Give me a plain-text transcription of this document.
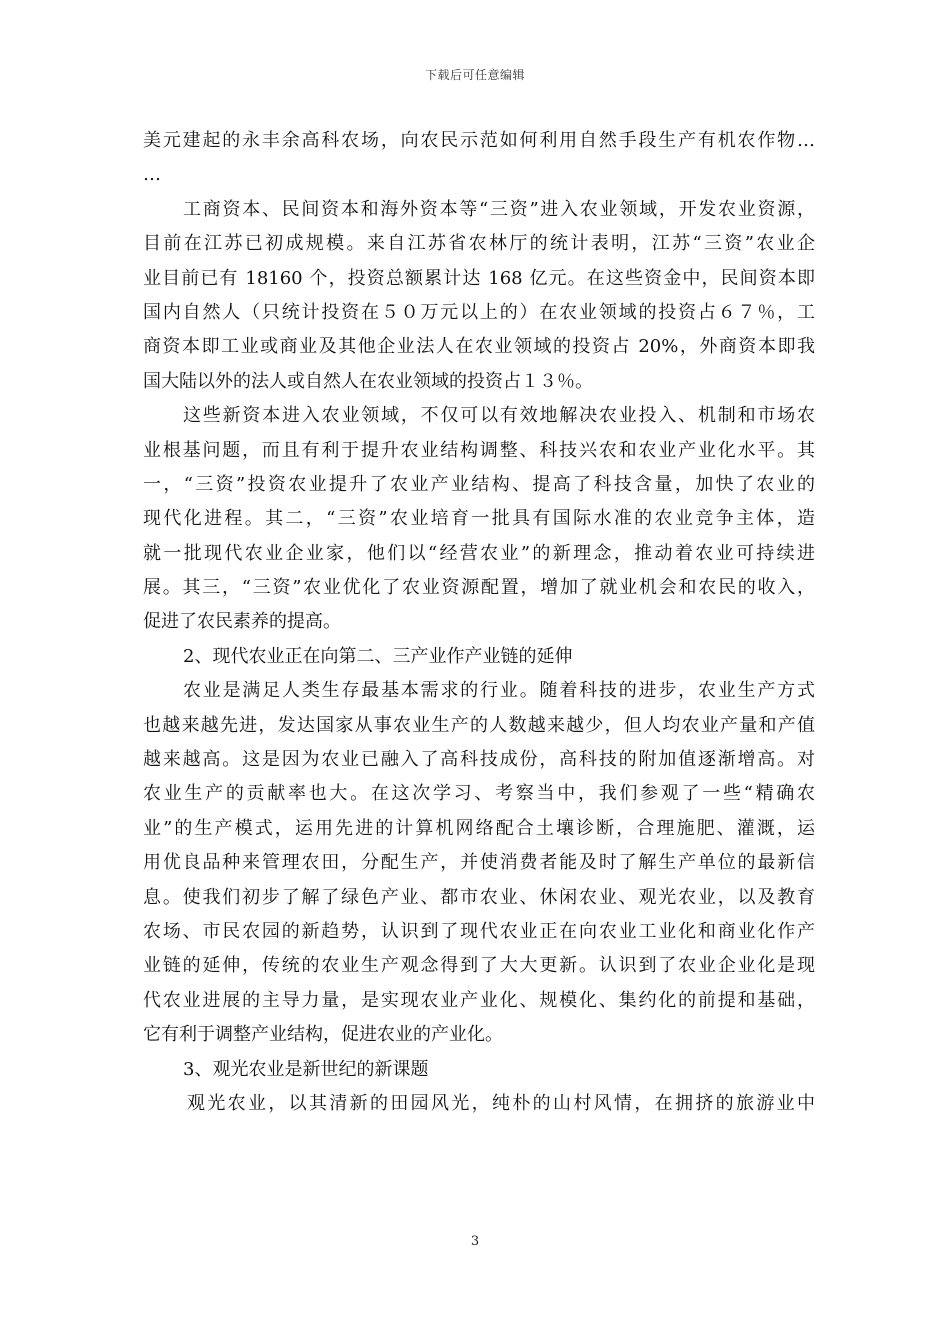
下载后可任意编辑
美元建起的永丰余高科农场，向农民示范如何利用自然手段生产有机农作物…
…
工商资本、民间资本和海外资本等“三资”进入农业领域，开发农业资源，
目前在江苏已初成规模。来自江苏省农林厅的统计表明，江苏“三资”农业企
业目前已有 18160 个，投资总额累计达 168 亿元。在这些资金中，民间资本即
国内自然人（只统计投资在５０万元以上的）在农业领域的投资占６７％，工
商资本即工业或商业及其他企业法人在农业领域的投资占 20%，外商资本即我
国大陆以外的法人或自然人在农业领域的投资占１３％。
这些新资本进入农业领域，不仅可以有效地解决农业投入、机制和市场农
业根基问题，而且有利于提升农业结构调整、科技兴农和农业产业化水平。其
一，“三资”投资农业提升了农业产业结构、提高了科技含量，加快了农业的
现代化进程。其二，“三资”农业培育一批具有国际水准的农业竞争主体，造
就一批现代农业企业家，他们以“经营农业”的新理念，推动着农业可持续进
展。其三，“三资”农业优化了农业资源配置，增加了就业机会和农民的收入，
促进了农民素养的提高。
2、现代农业正在向第二、三产业作产业链的延伸
农业是满足人类生存最基本需求的行业。随着科技的进步，农业生产方式
也越来越先进，发达国家从事农业生产的人数越来越少，但人均农业产量和产值
越来越高。这是因为农业已融入了高科技成份，高科技的附加值逐渐增高。对
农业生产的贡献率也大。在这次学习、考察当中，我们参观了一些“精确农
业”的生产模式，运用先进的计算机网络配合土壤诊断，合理施肥、灌溉，运
用优良品种来管理农田，分配生产，并使消费者能及时了解生产单位的最新信
息。使我们初步了解了绿色产业、都市农业、休闲农业、观光农业，以及教育
农场、市民农园的新趋势，认识到了现代农业正在向农业工业化和商业化作产
业链的延伸，传统的农业生产观念得到了大大更新。认识到了农业企业化是现
代农业进展的主导力量，是实现农业产业化、规模化、集约化的前提和基础，
它有利于调整产业结构，促进农业的产业化。
3、观光农业是新世纪的新课题
观光农业，以其清新的田园风光，纯朴的山村风情，在拥挤的旅游业中
3
